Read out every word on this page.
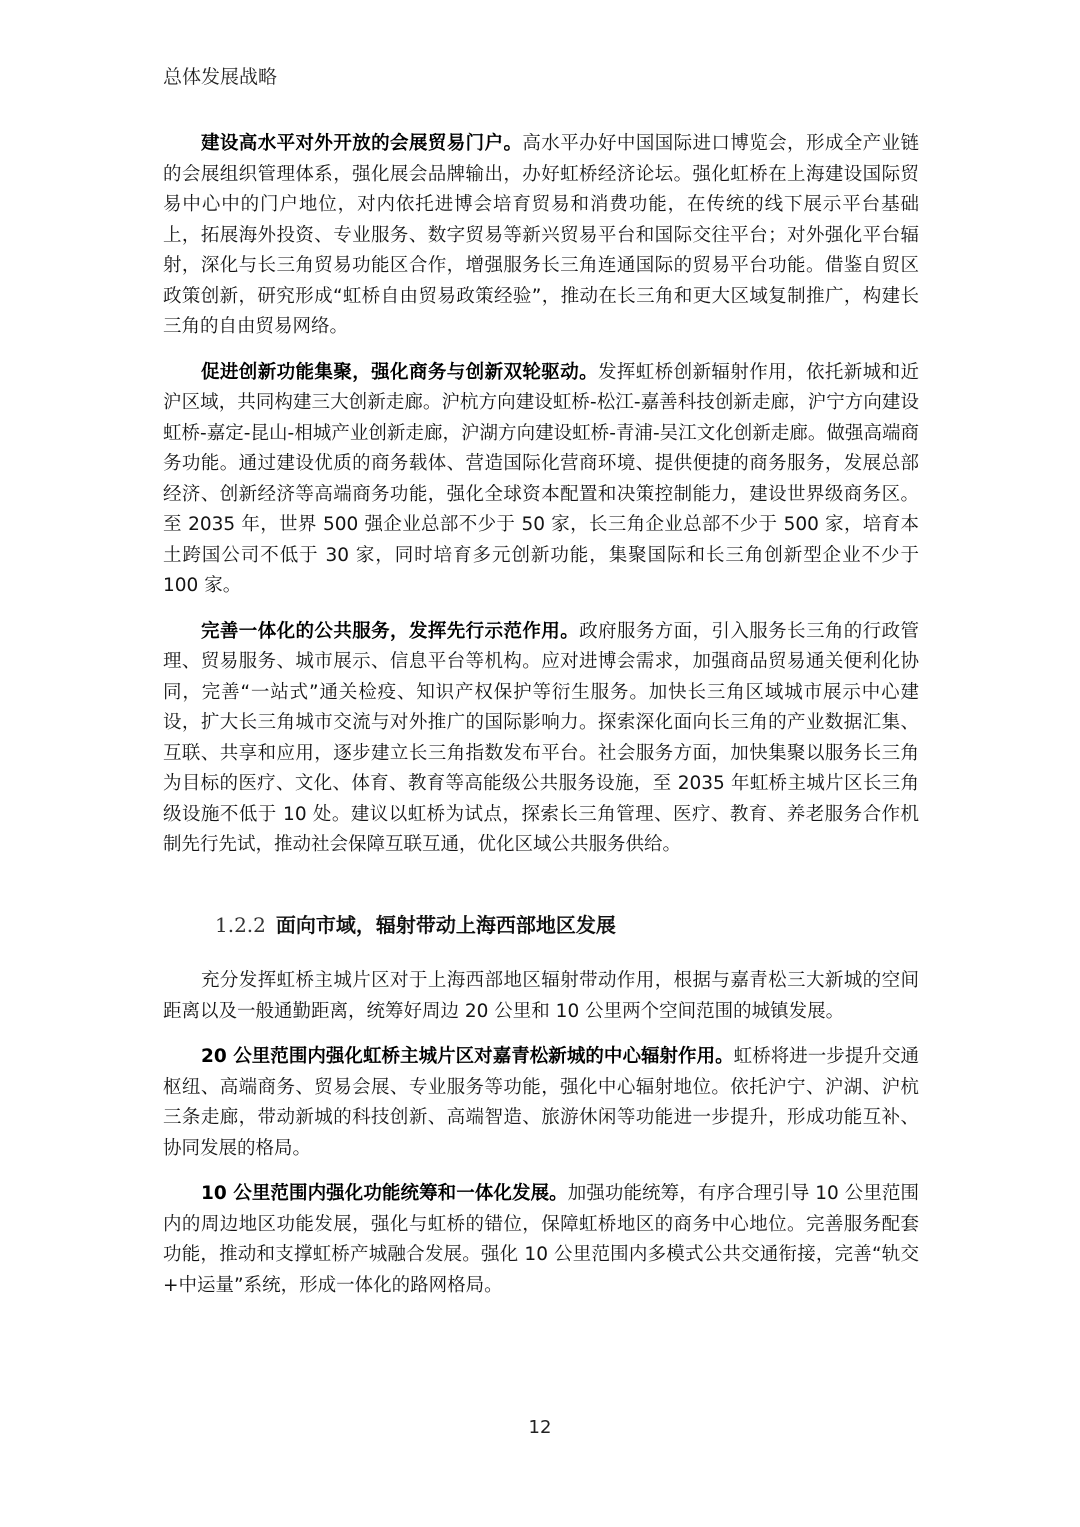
总体发展战略

建设高水平对外开放的会展贸易门户。高水平办好中国国际进口博览会，形成全产业链的会展组织管理体系，强化展会品牌输出，办好虹桥经济论坛。强化虹桥在上海建设国际贸易中心中的门户地位，对内依托进博会培育贸易和消费功能，在传统的线下展示平台基础上，拓展海外投资、专业服务、数字贸易等新兴贸易平台和国际交往平台；对外强化平台辐射，深化与长三角贸易功能区合作，增强服务长三角连通国际的贸易平台功能。借鉴自贸区政策创新，研究形成“虹桥自由贸易政策经验”，推动在长三角和更大区域复制推广，构建长三角的自由贸易网络。

促进创新功能集聚，强化商务与创新双轮驱动。发挥虹桥创新辐射作用，依托新城和近沪区域，共同构建三大创新走廊。沪杭方向建设虹桥-松江-嘉善科技创新走廊，沪宁方向建设虹桥-嘉定-昆山-相城产业创新走廊，沪湖方向建设虹桥-青浦-吴江文化创新走廊。做强高端商务功能。通过建设优质的商务载体、营造国际化营商环境、提供便捷的商务服务，发展总部经济、创新经济等高端商务功能，强化全球资本配置和决策控制能力，建设世界级商务区。至 2035 年，世界 500 强企业总部不少于 50 家，长三角企业总部不少于 500 家，培育本土跨国公司不低于 30 家，同时培育多元创新功能，集聚国际和长三角创新型企业不少于 100 家。

完善一体化的公共服务，发挥先行示范作用。政府服务方面，引入服务长三角的行政管理、贸易服务、城市展示、信息平台等机构。应对进博会需求，加强商品贸易通关便利化协同，完善“一站式”通关检疫、知识产权保护等衍生服务。加快长三角区域城市展示中心建设，扩大长三角城市交流与对外推广的国际影响力。探索深化面向长三角的产业数据汇集、互联、共享和应用，逐步建立长三角指数发布平台。社会服务方面，加快集聚以服务长三角为目标的医疗、文化、体育、教育等高能级公共服务设施，至 2035 年虹桥主城片区长三角级设施不低于 10 处。建议以虹桥为试点，探索长三角管理、医疗、教育、养老服务合作机制先行先试，推动社会保障互联互通，优化区域公共服务供给。

1.2.2 面向市域，辐射带动上海西部地区发展

充分发挥虹桥主城片区对于上海西部地区辐射带动作用，根据与嘉青松三大新城的空间距离以及一般通勤距离，统筹好周边 20 公里和 10 公里两个空间范围的城镇发展。

20 公里范围内强化虹桥主城片区对嘉青松新城的中心辐射作用。虹桥将进一步提升交通枢纽、高端商务、贸易会展、专业服务等功能，强化中心辐射地位。依托沪宁、沪湖、沪杭三条走廊，带动新城的科技创新、高端智造、旅游休闲等功能进一步提升，形成功能互补、协同发展的格局。

10 公里范围内强化功能统筹和一体化发展。加强功能统筹，有序合理引导 10 公里范围内的周边地区功能发展，强化与虹桥的错位，保障虹桥地区的商务中心地位。完善服务配套功能，推动和支撑虹桥产城融合发展。强化 10 公里范围内多模式公共交通衔接，完善“轨交+中运量”系统，形成一体化的路网格局。

12
